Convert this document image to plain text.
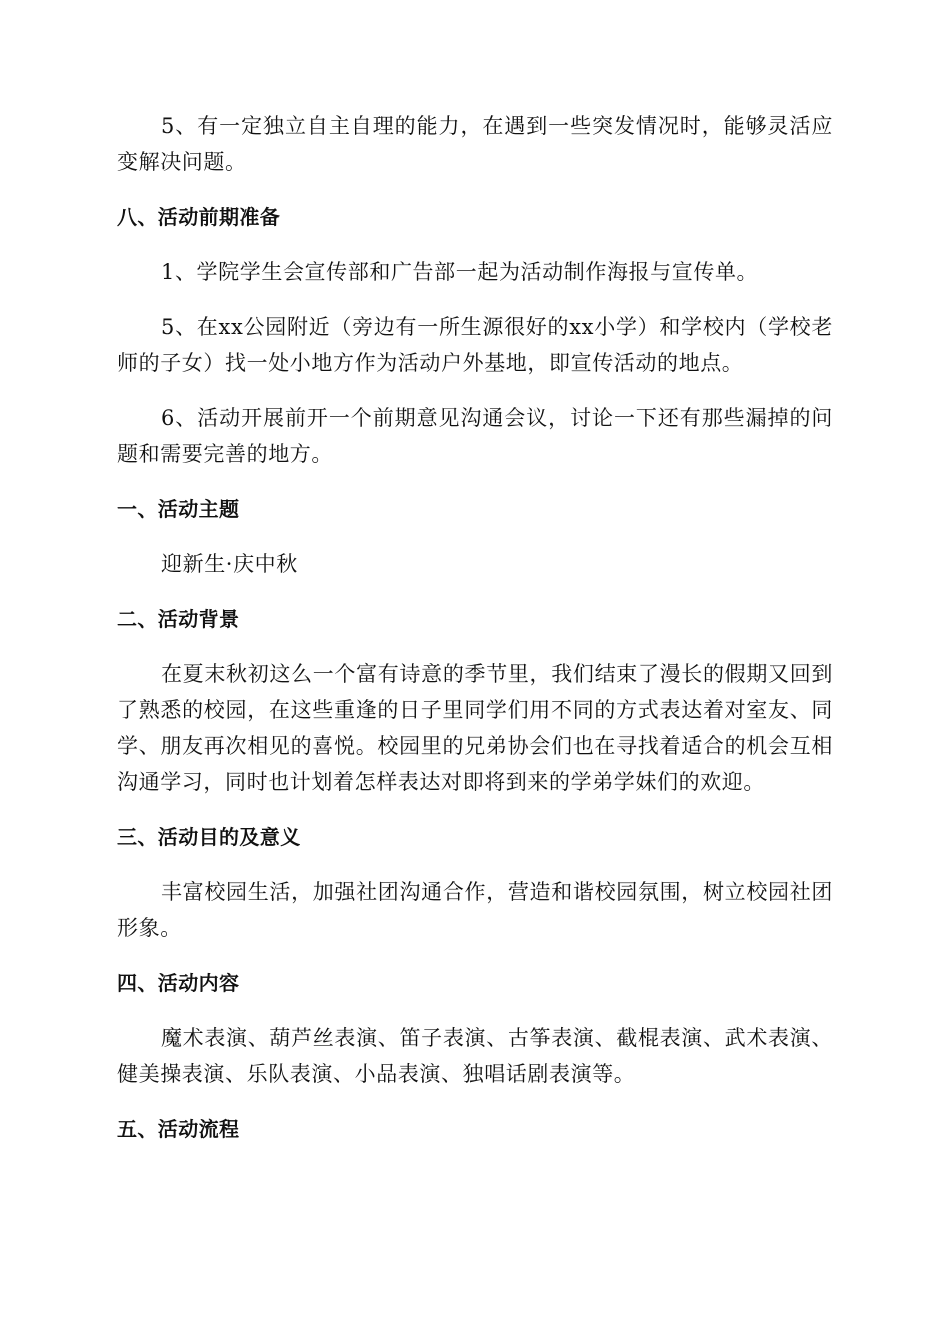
5、有一定独立自主自理的能力，在遇到一些突发情况时，能够灵活应变解决问题。

八、活动前期准备

1、学院学生会宣传部和广告部一起为活动制作海报与宣传单。

5、在xx公园附近（旁边有一所生源很好的xx小学）和学校内（学校老师的子女）找一处小地方作为活动户外基地，即宣传活动的地点。

6、活动开展前开一个前期意见沟通会议，讨论一下还有那些漏掉的问题和需要完善的地方。

一、活动主题

迎新生·庆中秋

二、活动背景

在夏末秋初这么一个富有诗意的季节里，我们结束了漫长的假期又回到了熟悉的校园，在这些重逢的日子里同学们用不同的方式表达着对室友、同学、朋友再次相见的喜悦。校园里的兄弟协会们也在寻找着适合的机会互相沟通学习，同时也计划着怎样表达对即将到来的学弟学妹们的欢迎。

三、活动目的及意义

丰富校园生活，加强社团沟通合作，营造和谐校园氛围，树立校园社团形象。

四、活动内容

魔术表演、葫芦丝表演、笛子表演、古筝表演、截棍表演、武术表演、健美操表演、乐队表演、小品表演、独唱话剧表演等。

五、活动流程
